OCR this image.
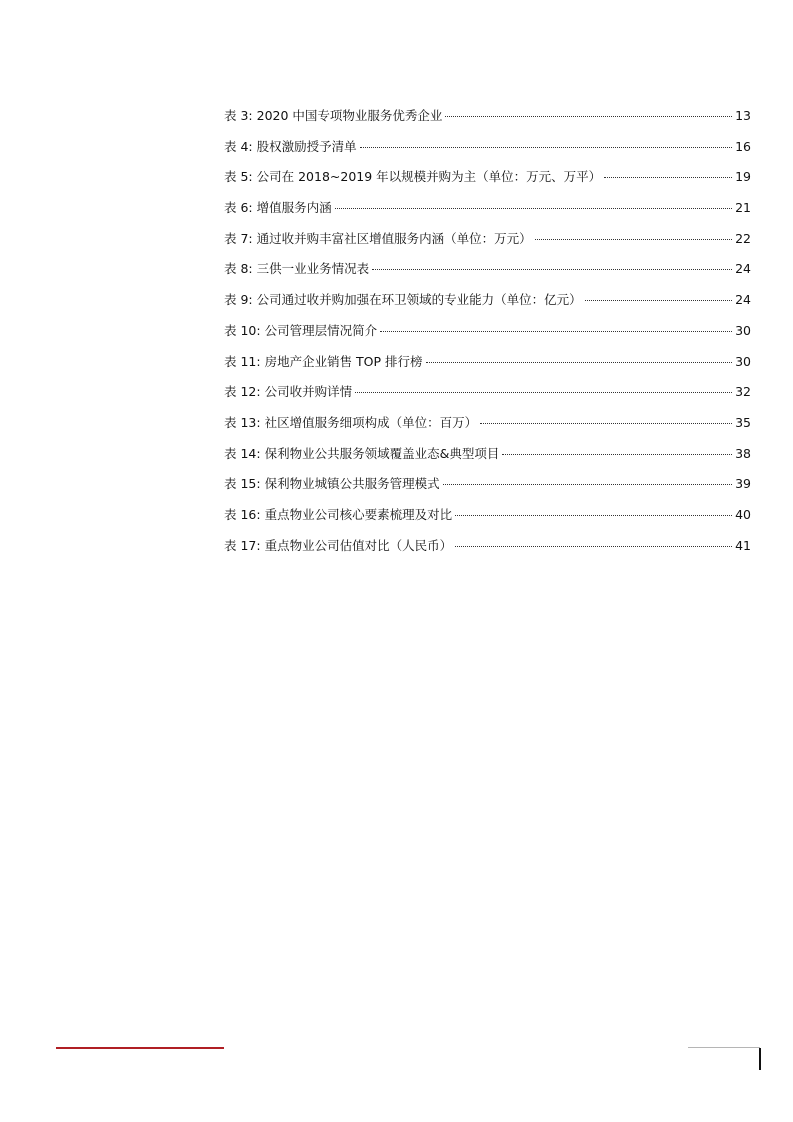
表 3: 2020 中国专项物业服务优秀企业	13
表 4: 股权激励授予清单	16
表 5: 公司在 2018~2019 年以规模并购为主（单位：万元、万平）	19
表 6: 增值服务内涵	21
表 7: 通过收并购丰富社区增值服务内涵（单位：万元）	22
表 8: 三供一业业务情况表	24
表 9: 公司通过收并购加强在环卫领域的专业能力（单位：亿元）	24
表 10: 公司管理层情况简介	30
表 11: 房地产企业销售 TOP 排行榜	30
表 12: 公司收并购详情	32
表 13: 社区增值服务细项构成（单位：百万）	35
表 14: 保利物业公共服务领域覆盖业态&典型项目	38
表 15: 保利物业城镇公共服务管理模式	39
表 16: 重点物业公司核心要素梳理及对比	40
表 17: 重点物业公司估值对比（人民币）	41
